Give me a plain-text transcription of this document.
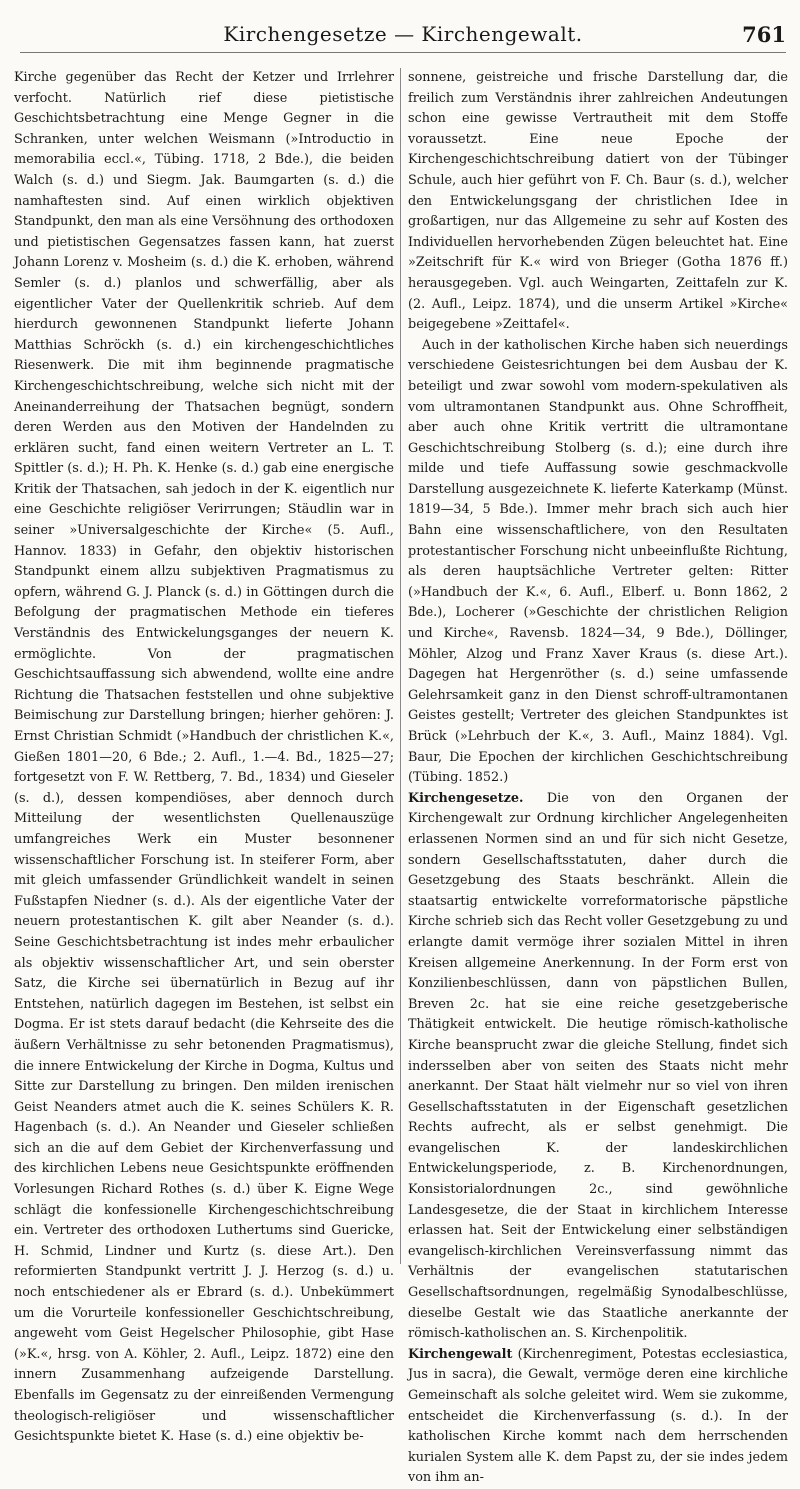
Kirchengesetze — Kirchengewalt.	761

Kirche gegenüber das Recht der Ketzer und Irrlehrer verfocht. Natürlich rief diese pietistische Geschichtsbetrachtung eine Menge Gegner in die Schranken, unter welchen Weismann (»Introductio in memorabilia eccl.«, Tübing. 1718, 2 Bde.), die beiden Walch (s. d.) und Siegm. Jak. Baumgarten (s. d.) die namhaftesten sind. Auf einen wirklich objektiven Standpunkt, den man als eine Versöhnung des orthodoxen und pietistischen Gegensatzes fassen kann, hat zuerst Johann Lorenz v. Mosheim (s. d.) die K. erhoben, während Semler (s. d.) planlos und schwerfällig, aber als eigentlicher Vater der Quellenkritik schrieb. Auf dem hierdurch gewonnenen Standpunkt lieferte Johann Matthias Schröckh (s. d.) ein kirchengeschichtliches Riesenwerk. Die mit ihm beginnende pragmatische Kirchengeschichtschreibung, welche sich nicht mit der Aneinanderreihung der Thatsachen begnügt, sondern deren Werden aus den Motiven der Handelnden zu erklären sucht, fand einen weitern Vertreter an L. T. Spittler (s. d.); H. Ph. K. Henke (s. d.) gab eine energische Kritik der Thatsachen, sah jedoch in der K. eigentlich nur eine Geschichte religiöser Verirrungen; Stäudlin war in seiner »Universalgeschichte der Kirche« (5. Aufl., Hannov. 1833) in Gefahr, den objektiv historischen Standpunkt einem allzu subjektiven Pragmatismus zu opfern, während G. J. Planck (s. d.) in Göttingen durch die Befolgung der pragmatischen Methode ein tieferes Verständnis des Entwickelungsganges der neuern K. ermöglichte. Von der pragmatischen Geschichtsauffassung sich abwendend, wollte eine andre Richtung die Thatsachen feststellen und ohne subjektive Beimischung zur Darstellung bringen; hierher gehören: J. Ernst Christian Schmidt (»Handbuch der christlichen K.«, Gießen 1801—20, 6 Bde.; 2. Aufl., 1.—4. Bd., 1825—27; fortgesetzt von F. W. Rettberg, 7. Bd., 1834) und Gieseler (s. d.), dessen kompendiöses, aber dennoch durch Mitteilung der wesentlichsten Quellenauszüge umfangreiches Werk ein Muster besonnener wissenschaftlicher Forschung ist. In steiferer Form, aber mit gleich umfassender Gründlichkeit wandelt in seinen Fußstapfen Niedner (s. d.). Als der eigentliche Vater der neuern protestantischen K. gilt aber Neander (s. d.). Seine Geschichtsbetrachtung ist indes mehr erbaulicher als objektiv wissenschaftlicher Art, und sein oberster Satz, die Kirche sei übernatürlich in Bezug auf ihr Entstehen, natürlich dagegen im Bestehen, ist selbst ein Dogma. Er ist stets darauf bedacht (die Kehrseite des die äußern Verhältnisse zu sehr betonenden Pragmatismus), die innere Entwickelung der Kirche in Dogma, Kultus und Sitte zur Darstellung zu bringen. Den milden irenischen Geist Neanders atmet auch die K. seines Schülers K. R. Hagenbach (s. d.). An Neander und Gieseler schließen sich an die auf dem Gebiet der Kirchenverfassung und des kirchlichen Lebens neue Gesichtspunkte eröffnenden Vorlesungen Richard Rothes (s. d.) über K. Eigne Wege schlägt die konfessionelle Kirchengeschichtschreibung ein. Vertreter des orthodoxen Luthertums sind Guericke, H. Schmid, Lindner und Kurtz (s. diese Art.). Den reformierten Standpunkt vertritt J. J. Herzog (s. d.) u. noch entschiedener als er Ebrard (s. d.). Unbekümmert um die Vorurteile konfessioneller Geschichtschreibung, angeweht vom Geist Hegelscher Philosophie, gibt Hase (»K.«, hrsg. von A. Köhler, 2. Aufl., Leipz. 1872) eine den innern Zusammenhang aufzeigende Darstellung. Ebenfalls im Gegensatz zu der einreißenden Vermengung theologisch-religiöser und wissenschaftlicher Gesichtspunkte bietet K. Hase (s. d.) eine objektiv be-

sonnene, geistreiche und frische Darstellung dar, die freilich zum Verständnis ihrer zahlreichen Andeutungen schon eine gewisse Vertrautheit mit dem Stoffe voraussetzt. Eine neue Epoche der Kirchengeschichtschreibung datiert von der Tübinger Schule, auch hier geführt von F. Ch. Baur (s. d.), welcher den Entwickelungsgang der christlichen Idee in großartigen, nur das Allgemeine zu sehr auf Kosten des Individuellen hervorhebenden Zügen beleuchtet hat. Eine »Zeitschrift für K.« wird von Brieger (Gotha 1876 ff.) herausgegeben. Vgl. auch Weingarten, Zeittafeln zur K. (2. Aufl., Leipz. 1874), und die unserm Artikel »Kirche« beigegebene »Zeittafel«.

Auch in der katholischen Kirche haben sich neuerdings verschiedene Geistesrichtungen bei dem Ausbau der K. beteiligt und zwar sowohl vom modern-spekulativen als vom ultramontanen Standpunkt aus. Ohne Schroffheit, aber auch ohne Kritik vertritt die ultramontane Geschichtschreibung Stolberg (s. d.); eine durch ihre milde und tiefe Auffassung sowie geschmackvolle Darstellung ausgezeichnete K. lieferte Katerkamp (Münst. 1819—34, 5 Bde.). Immer mehr brach sich auch hier Bahn eine wissenschaftlichere, von den Resultaten protestantischer Forschung nicht unbeeinflußte Richtung, als deren hauptsächliche Vertreter gelten: Ritter (»Handbuch der K.«, 6. Aufl., Elberf. u. Bonn 1862, 2 Bde.), Locherer (»Geschichte der christlichen Religion und Kirche«, Ravensb. 1824—34, 9 Bde.), Döllinger, Möhler, Alzog und Franz Xaver Kraus (s. diese Art.). Dagegen hat Hergenröther (s. d.) seine umfassende Gelehrsamkeit ganz in den Dienst schroff-ultramontanen Geistes gestellt; Vertreter des gleichen Standpunktes ist Brück (»Lehrbuch der K.«, 3. Aufl., Mainz 1884). Vgl. Baur, Die Epochen der kirchlichen Geschichtschreibung (Tübing. 1852.)

Kirchengesetze. Die von den Organen der Kirchengewalt zur Ordnung kirchlicher Angelegenheiten erlassenen Normen sind an und für sich nicht Gesetze, sondern Gesellschaftsstatuten, daher durch die Gesetzgebung des Staats beschränkt. Allein die staatsartig entwickelte vorreformatorische päpstliche Kirche schrieb sich das Recht voller Gesetzgebung zu und erlangte damit vermöge ihrer sozialen Mittel in ihren Kreisen allgemeine Anerkennung. In der Form erst von Konzilienbeschlüssen, dann von päpstlichen Bullen, Breven 2c. hat sie eine reiche gesetzgeberische Thätigkeit entwickelt. Die heutige römisch-katholische Kirche beansprucht zwar die gleiche Stellung, findet sich indersselben aber von seiten des Staats nicht mehr anerkannt. Der Staat hält vielmehr nur so viel von ihren Gesellschaftsstatuten in der Eigenschaft gesetzlichen Rechts aufrecht, als er selbst genehmigt. Die evangelischen K. der landeskirchlichen Entwickelungsperiode, z. B. Kirchenordnungen, Konsistorialordnungen 2c., sind gewöhnliche Landesgesetze, die der Staat in kirchlichem Interesse erlassen hat. Seit der Entwickelung einer selbständigen evangelisch-kirchlichen Vereinsverfassung nimmt das Verhältnis der evangelischen statutarischen Gesellschaftsordnungen, regelmäßig Synodalbeschlüsse, dieselbe Gestalt wie das Staatliche anerkannte der römisch-katholischen an. S. Kirchenpolitik.

Kirchengewalt (Kirchenregiment, Potestas ecclesiastica, Jus in sacra), die Gewalt, vermöge deren eine kirchliche Gemeinschaft als solche geleitet wird. Wem sie zukomme, entscheidet die Kirchenverfassung (s. d.). In der katholischen Kirche kommt nach dem herrschenden kurialen System alle K. dem Papst zu, der sie indes jedem von ihm an-
